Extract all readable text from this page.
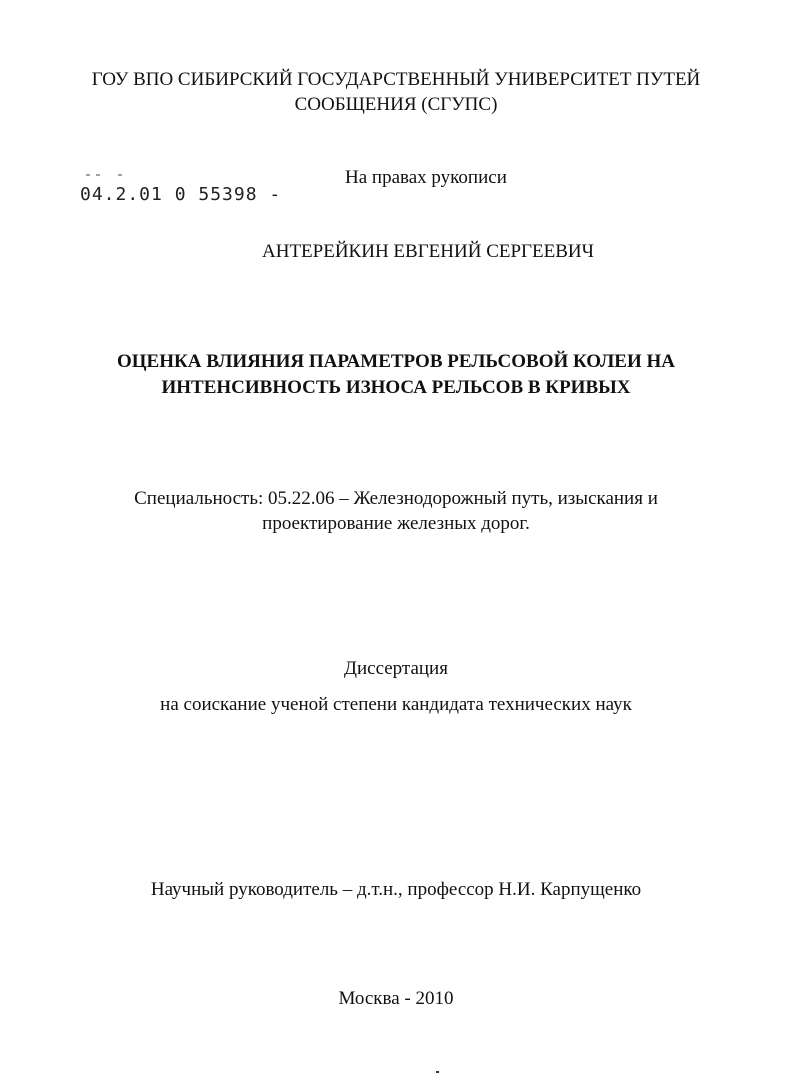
ГОУ ВПО СИБИРСКИЙ ГОСУДАРСТВЕННЫЙ УНИВЕРСИТЕТ ПУТЕЙ
СООБЩЕНИЯ (СГУПС)
04.2.01 0 55398 -
На правах рукописи
АНТЕРЕЙКИН ЕВГЕНИЙ СЕРГЕЕВИЧ
ОЦЕНКА ВЛИЯНИЯ ПАРАМЕТРОВ РЕЛЬСОВОЙ КОЛЕИ НА
ИНТЕНСИВНОСТЬ ИЗНОСА РЕЛЬСОВ В КРИВЫХ
Специальность: 05.22.06 – Железнодорожный путь, изыскания и
проектирование железных дорог.
Диссертация
на соискание ученой степени кандидата технических наук
Научный руководитель – д.т.н., профессор Н.И. Карпущенко
Москва - 2010
